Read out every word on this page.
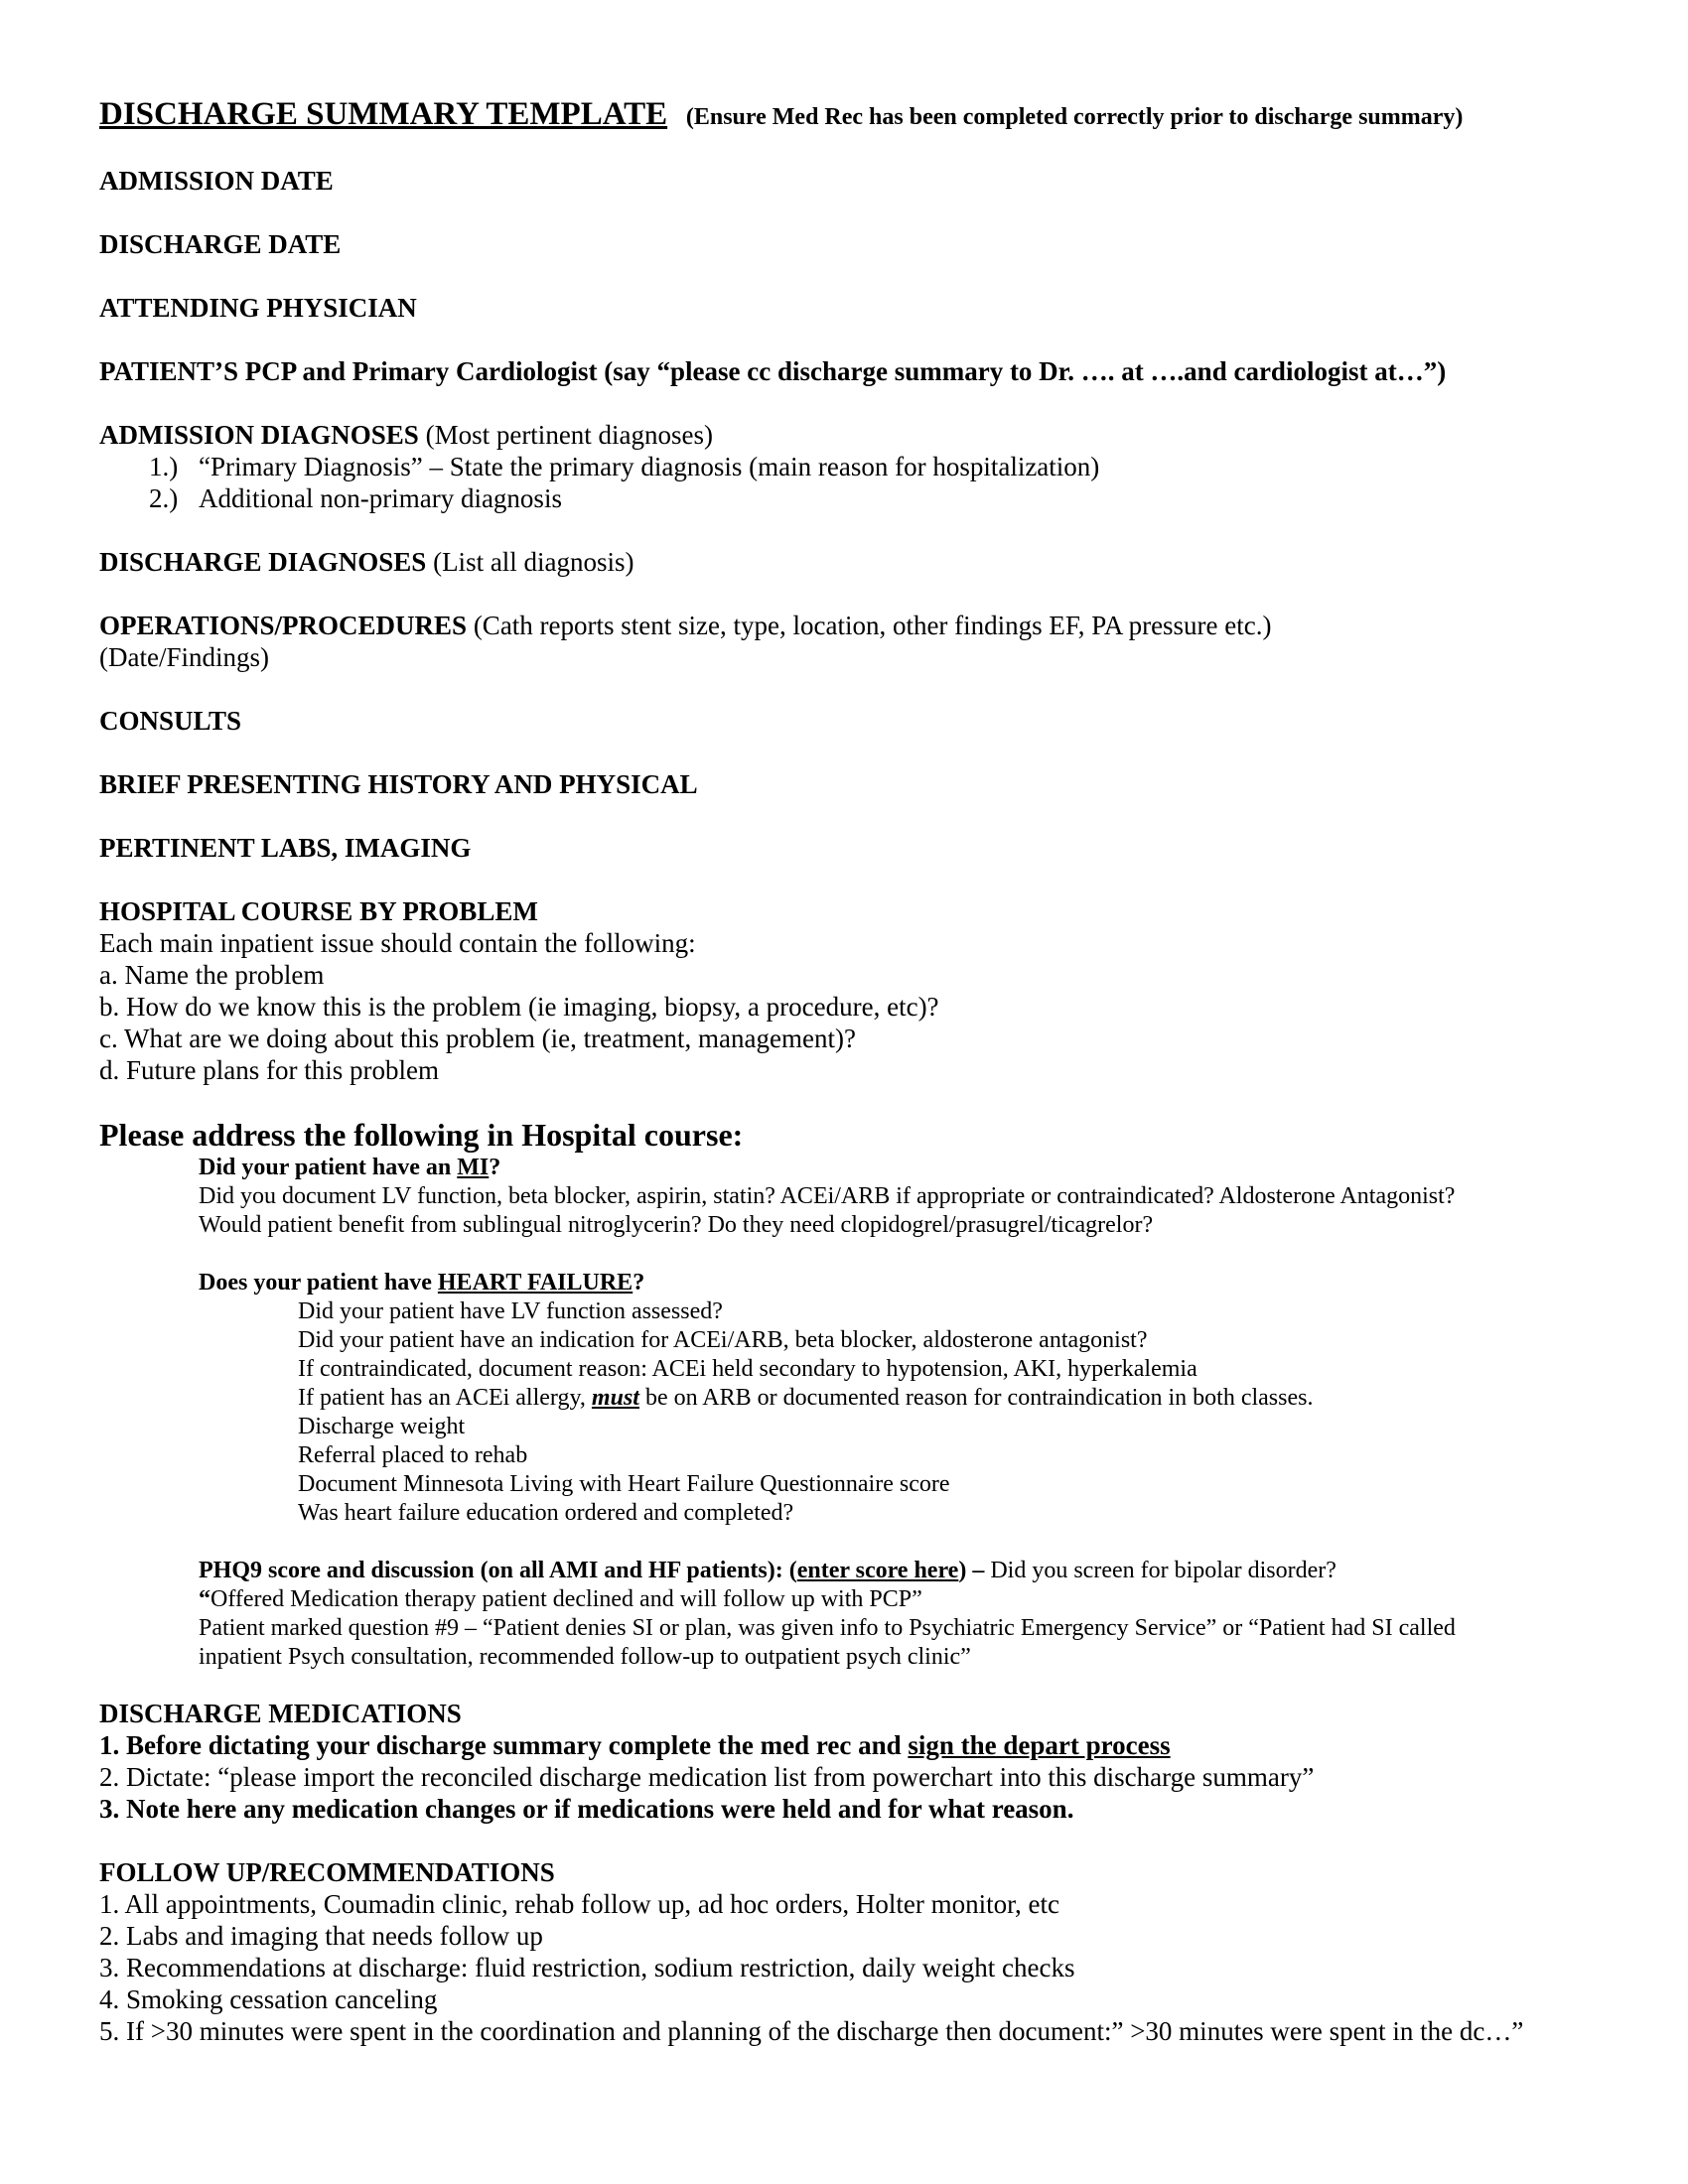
DISCHARGE SUMMARY TEMPLATE (Ensure Med Rec has been completed correctly prior to discharge summary)
ADMISSION DATE
DISCHARGE DATE
ATTENDING PHYSICIAN
PATIENT’S PCP and Primary Cardiologist (say “please cc discharge summary to Dr. …. at ….and cardiologist at…”)
ADMISSION DIAGNOSES (Most pertinent diagnoses)
1.) “Primary Diagnosis” – State the primary diagnosis (main reason for hospitalization)
2.) Additional non-primary diagnosis
DISCHARGE DIAGNOSES (List all diagnosis)
OPERATIONS/PROCEDURES (Cath reports stent size, type, location, other findings EF, PA pressure etc.)
(Date/Findings)
CONSULTS
BRIEF PRESENTING HISTORY AND PHYSICAL
PERTINENT LABS, IMAGING
HOSPITAL COURSE BY PROBLEM
Each main inpatient issue should contain the following:
a. Name the problem
b. How do we know this is the problem (ie imaging, biopsy, a procedure, etc)?
c. What are we doing about this problem (ie, treatment, management)?
d. Future plans for this problem
Please address the following in Hospital course:
Did your patient have an MI?
Did you document LV function, beta blocker, aspirin, statin? ACEi/ARB if appropriate or contraindicated? Aldosterone Antagonist?
Would patient benefit from sublingual nitroglycerin? Do they need clopidogrel/prasugrel/ticagrelor?
Does your patient have HEART FAILURE?
Did your patient have LV function assessed?
Did your patient have an indication for ACEi/ARB, beta blocker, aldosterone antagonist?
If contraindicated, document reason: ACEi held secondary to hypotension, AKI, hyperkalemia
If patient has an ACEi allergy, must be on ARB or documented reason for contraindication in both classes.
Discharge weight
Referral placed to rehab
Document Minnesota Living with Heart Failure Questionnaire score
Was heart failure education ordered and completed?
PHQ9 score and discussion (on all AMI and HF patients): (enter score here) – Did you screen for bipolar disorder?
“Offered Medication therapy patient declined and will follow up with PCP”
Patient marked question #9 – “Patient denies SI or plan, was given info to Psychiatric Emergency Service” or “Patient had SI called
inpatient Psych consultation, recommended follow-up to outpatient psych clinic”
DISCHARGE MEDICATIONS
1. Before dictating your discharge summary complete the med rec and sign the depart process
2. Dictate: “please import the reconciled discharge medication list from powerchart into this discharge summary”
3. Note here any medication changes or if medications were held and for what reason.
FOLLOW UP/RECOMMENDATIONS
1. All appointments, Coumadin clinic, rehab follow up, ad hoc orders, Holter monitor, etc
2. Labs and imaging that needs follow up
3. Recommendations at discharge: fluid restriction, sodium restriction, daily weight checks
4. Smoking cessation canceling
5. If >30 minutes were spent in the coordination and planning of the discharge then document:” >30 minutes were spent in the dc…”
